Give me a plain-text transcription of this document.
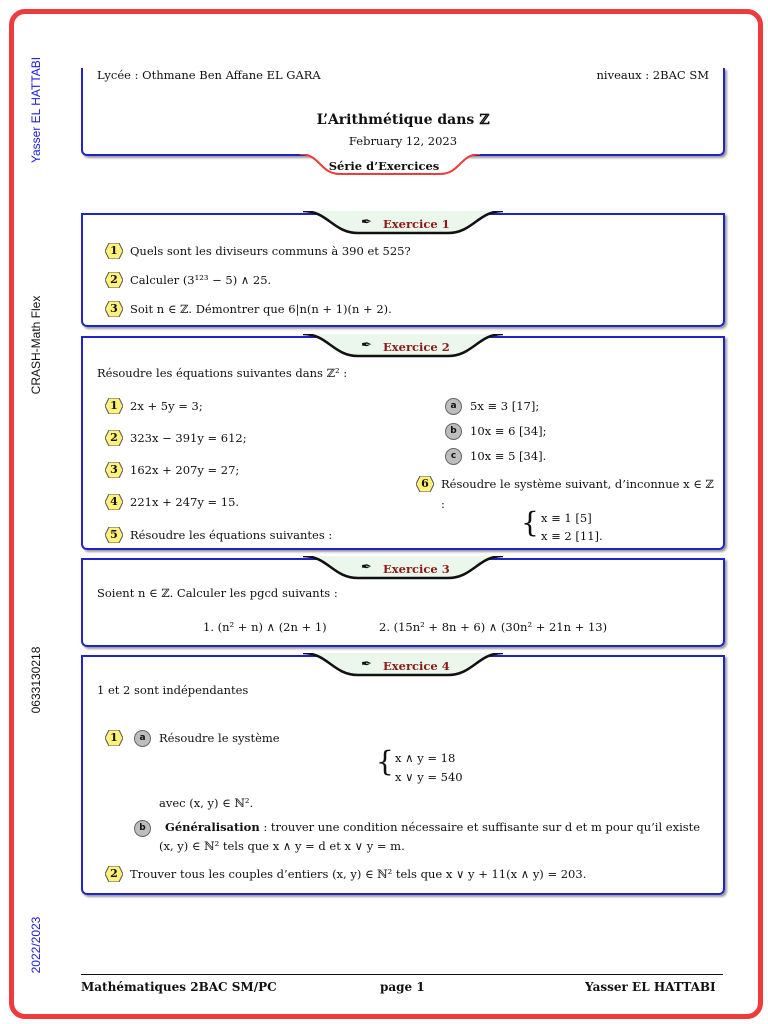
Yasser EL HATTABI
CRASH-Math Flex
0633130218
2022/2023
Lycée : Othmane Ben Affane EL GARA	niveaux : 2BAC SM
L’Arithmétique dans ℤ
February 12, 2023
Série d’Exercices
✒ Exercice 1
1	Quels sont les diviseurs communs à 390 et 525?
2	Calculer (3¹²³ − 5) ∧ 25.
3	Soit n ∈ ℤ. Démontrer que 6|n(n + 1)(n + 2).
✒ Exercice 2
Résoudre les équations suivantes dans ℤ² :
1	2x + 5y = 3;
2	323x − 391y = 612;
3	162x + 207y = 27;
4	221x + 247y = 15.
5	Résoudre les équations suivantes :
a	5x ≡ 3 [17];
b	10x ≡ 6 [34];
c	10x ≡ 5 [34].
6	Résoudre le système suivant, d’inconnue x ∈ ℤ
:
{ x ≡ 1 [5]
x ≡ 2 [11].
✒ Exercice 3
Soient n ∈ ℤ. Calculer les pgcd suivants :
1. (n² + n) ∧ (2n + 1)	2. (15n² + 8n + 6) ∧ (30n² + 21n + 13)
✒ Exercice 4
1 et 2 sont indépendantes
1	a	Résoudre le système
{ x ∧ y = 18
x ∨ y = 540
avec (x, y) ∈ ℕ².
b	Généralisation : trouver une condition nécessaire et suffisante sur d et m pour qu’il existe
(x, y) ∈ ℕ² tels que x ∧ y = d et x ∨ y = m.
2	Trouver tous les couples d’entiers (x, y) ∈ ℕ² tels que x ∨ y + 11(x ∧ y) = 203.
Mathématiques 2BAC SM/PC	page 1	Yasser EL HATTABI
